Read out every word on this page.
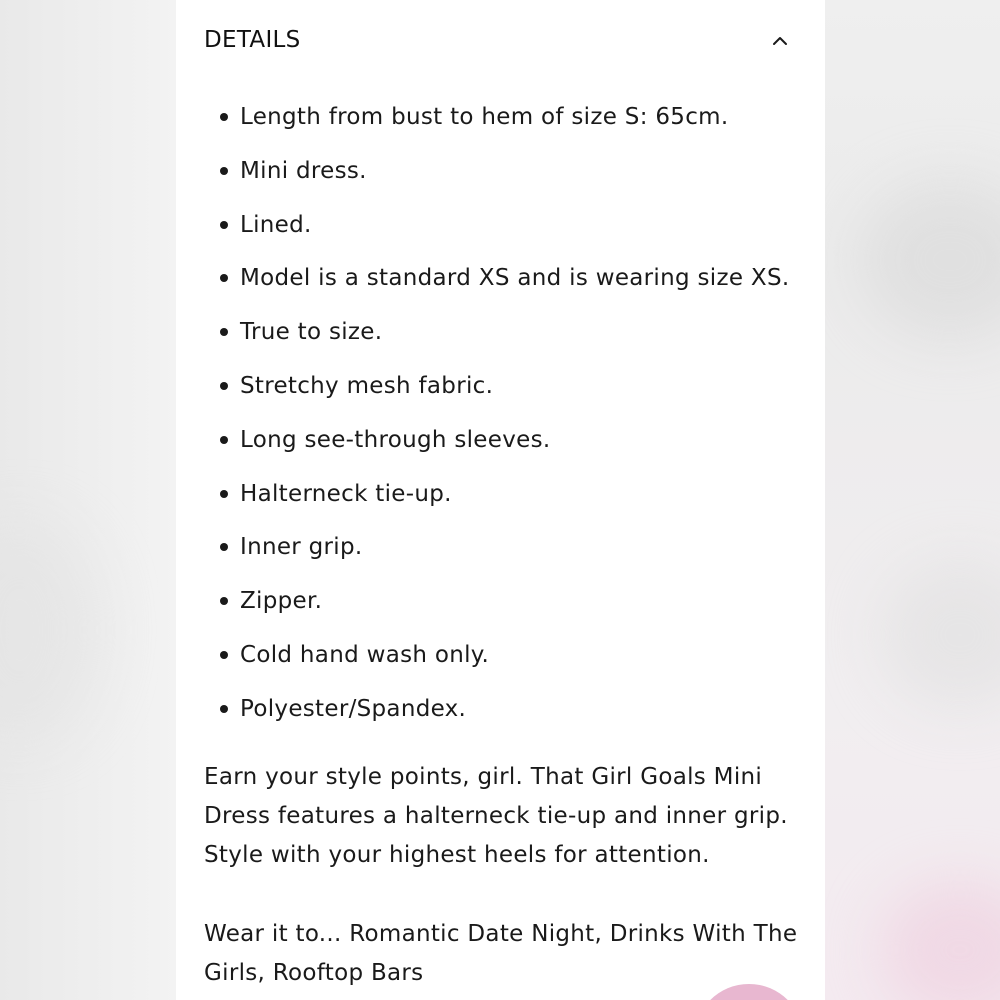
DETAILS
Length from bust to hem of size S: 65cm.
Mini dress.
Lined.
Model is a standard XS and is wearing size XS.
True to size.
Stretchy mesh fabric.
Long see-through sleeves.
Halterneck tie-up.
Inner grip.
Zipper.
Cold hand wash only.
Polyester/Spandex.

Earn your style points, girl. That Girl Goals Mini Dress features a halterneck tie-up and inner grip. Style with your highest heels for attention.

Wear it to... Romantic Date Night, Drinks With The Girls, Rooftop Bars
